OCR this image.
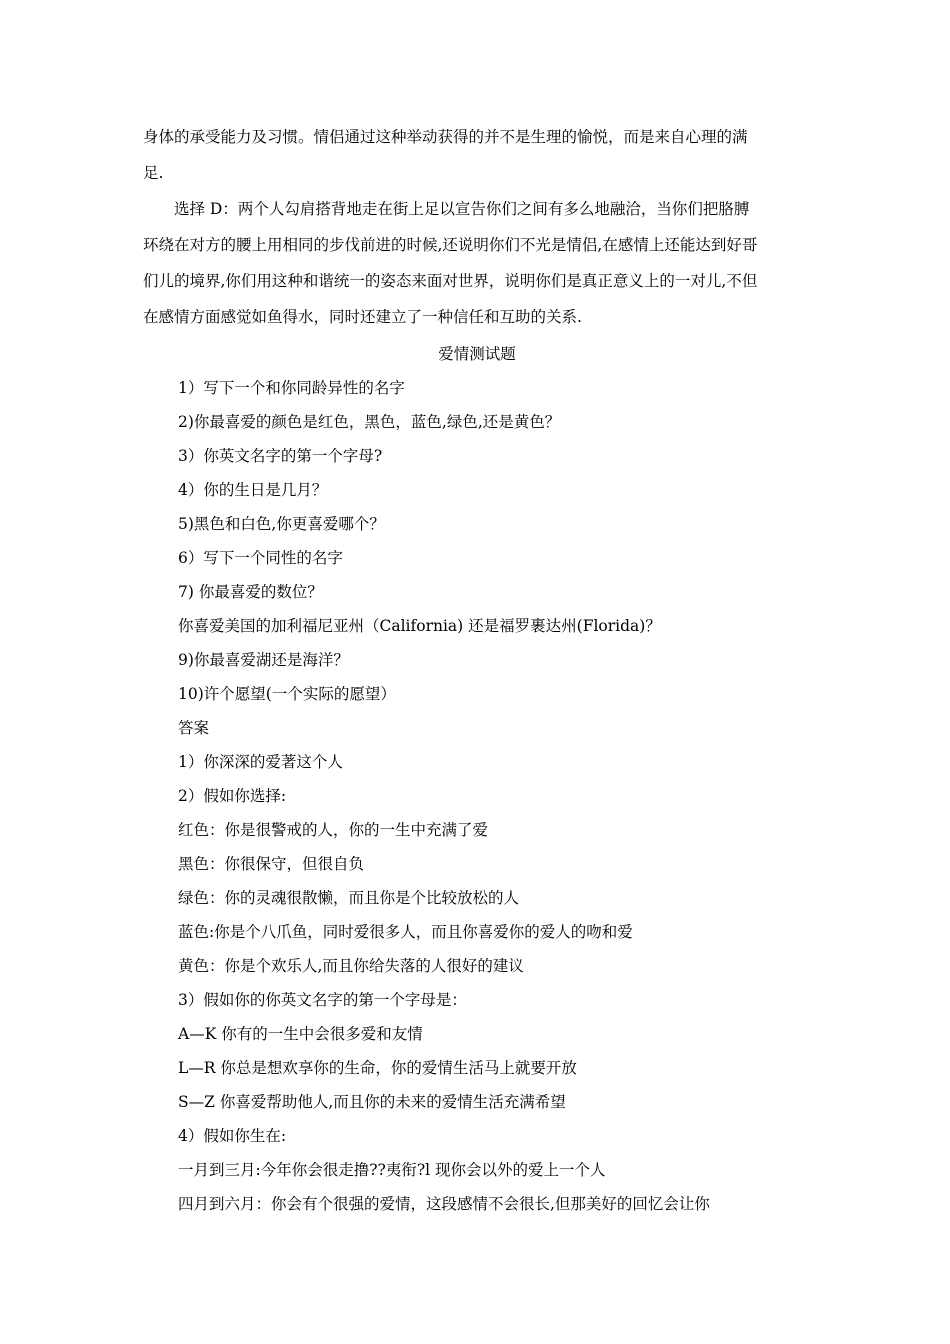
身体的承受能力及习惯。情侣通过这种举动获得的并不是生理的愉悦，而是来自心理的满
足.

　　选择 D：两个人勾肩搭背地走在街上足以宣告你们之间有多么地融洽，当你们把胳膊
环绕在对方的腰上用相同的步伐前进的时候,还说明你们不光是情侣,在感情上还能达到好哥
们儿的境界,你们用这种和谐统一的姿态来面对世界，说明你们是真正意义上的一对儿,不但
在感情方面感觉如鱼得水，同时还建立了一种信任和互助的关系.

爱情测试题

1）写下一个和你同龄异性的名字

2)你最喜爱的颜色是红色，黑色，蓝色,绿色,还是黄色？

3）你英文名字的第一个字母?

4）你的生日是几月？

5)黑色和白色,你更喜爱哪个？

6）写下一个同性的名字

7) 你最喜爱的数位？

你喜爱美国的加利福尼亚州（California) 还是福罗裹达州(Florida)？

9)你最喜爱湖还是海洋？

10)许个愿望(一个实际的愿望）

答案

1）你深深的爱著这个人

2）假如你选择:

红色：你是很警戒的人，你的一生中充满了爱

黑色：你很保守，但很自负

绿色：你的灵魂很散懒，而且你是个比较放松的人

蓝色:你是个八爪鱼，同时爱很多人，而且你喜爱你的爱人的吻和爱

黄色：你是个欢乐人,而且你给失落的人很好的建议

3）假如你的你英文名字的第一个字母是：

A—K 你有的一生中会很多爱和友情

L—R 你总是想欢享你的生命，你的爱情生活马上就要开放

S—Z 你喜爱帮助他人,而且你的未来的爱情生活充满希望

4）假如你生在:

一月到三月:今年你会很走撸??夷衔?l 现你会以外的爱上一个人

四月到六月：你会有个很强的爱情，这段感情不会很长,但那美好的回忆会让你
